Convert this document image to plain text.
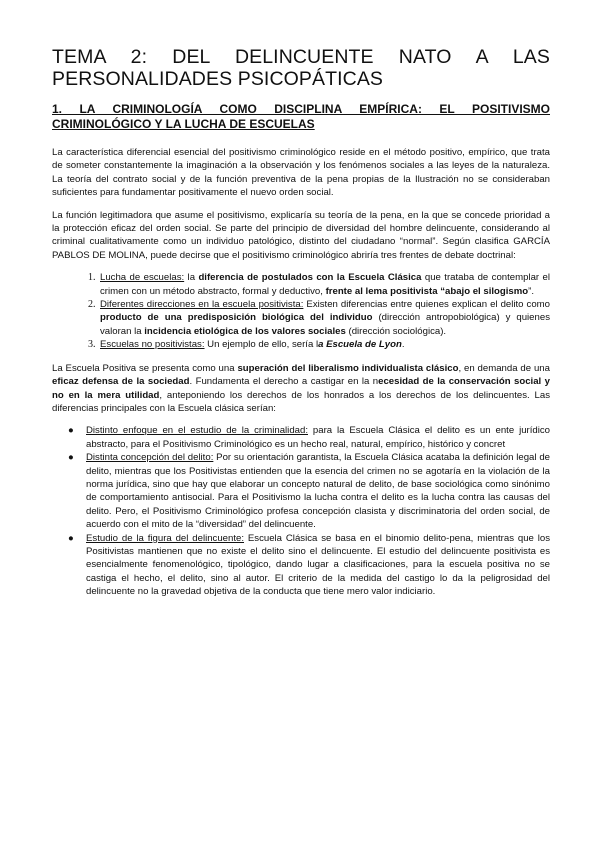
TEMA 2: DEL DELINCUENTE NATO A LAS
PERSONALIDADES PSICOPÁTICAS
1. LA CRIMINOLOGÍA COMO DISCIPLINA EMPÍRICA: EL POSITIVISMO CRIMINOLÓGICO Y LA LUCHA DE ESCUELAS

La característica diferencial esencial del positivismo criminológico reside en el método positivo, empírico, que trata de someter constantemente la imaginación a la observación y los fenómenos sociales a las leyes de la naturaleza. La teoría del contrato social y de la función preventiva de la pena propias de la Ilustración no se consideraban suficientes para fundamentar positivamente el nuevo orden social.

La función legitimadora que asume el positivismo, explicaría su teoría de la pena, en la que se concede prioridad a la protección eficaz del orden social. Se parte del principio de diversidad del hombre delincuente, considerando al criminal cualitativamente como un individuo patológico, distinto del ciudadano “normal”. Según clasifica GARCÍA PABLOS DE MOLINA, puede decirse que el positivismo criminológico abriría tres frentes de debate doctrinal:

1. Lucha de escuelas: la diferencia de postulados con la Escuela Clásica que trataba de contemplar el crimen con un método abstracto, formal y deductivo, frente al lema positivista “abajo el silogismo”.
2. Diferentes direcciones en la escuela positivista: Existen diferencias entre quienes explican el delito como producto de una predisposición biológica del individuo (dirección antropobiológica) y quienes valoran la incidencia etiológica de los valores sociales (dirección sociológica).
3. Escuelas no positivistas: Un ejemplo de ello, sería la Escuela de Lyon.

La Escuela Positiva se presenta como una superación del liberalismo individualista clásico, en demanda de una eficaz defensa de la sociedad. Fundamenta el derecho a castigar en la necesidad de la conservación social y no en la mera utilidad, anteponiendo los derechos de los honrados a los derechos de los delincuentes. Las diferencias principales con la Escuela clásica serían:

● Distinto enfoque en el estudio de la criminalidad: para la Escuela Clásica el delito es un ente jurídico abstracto, para el Positivismo Criminológico es un hecho real, natural, empírico, histórico y concret
● Distinta concepción del delito: Por su orientación garantista, la Escuela Clásica acataba la definición legal de delito, mientras que los Positivistas entienden que la esencia del crimen no se agotaría en la violación de la norma jurídica, sino que hay que elaborar un concepto natural de delito, de base sociológica como sinónimo de comportamiento antisocial. Para el Positivismo la lucha contra el delito es la lucha contra las causas del delito. Pero, el Positivismo Criminológico profesa concepción clasista y discriminatoria del orden social, de acuerdo con el mito de la “diversidad” del delincuente.
● Estudio de la figura del delincuente: Escuela Clásica se basa en el binomio delito-pena, mientras que los Positivistas mantienen que no existe el delito sino el delincuente. El estudio del delincuente positivista es esencialmente fenomenológico, tipológico, dando lugar a clasificaciones, para la escuela positiva no se castiga el hecho, el delito, sino al autor. El criterio de la medida del castigo lo da la peligrosidad del delincuente no la gravedad objetiva de la conducta que tiene mero valor indiciario.
